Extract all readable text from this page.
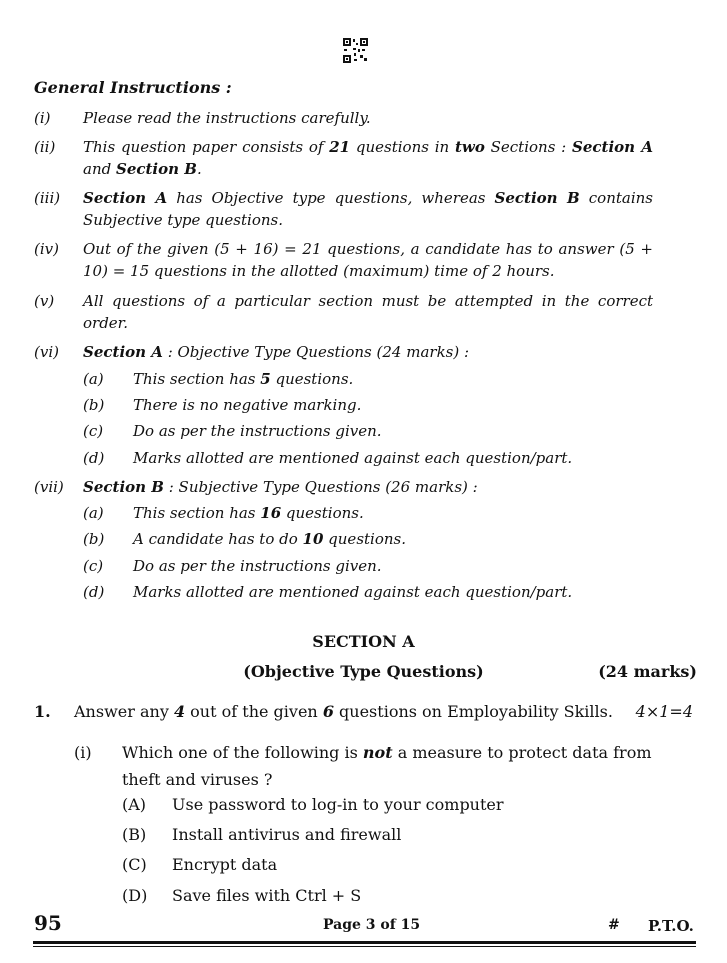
General Instructions :
(i)	Please read the instructions carefully.
(ii)	This question paper consists of 21 questions in two Sections : Section A and Section B.
(iii)	Section A has Objective type questions, whereas Section B contains Subjective type questions.
(iv)	Out of the given (5 + 16) = 21 questions, a candidate has to answer (5 + 10) = 15 questions in the allotted (maximum) time of 2 hours.
(v)	All questions of a particular section must be attempted in the correct order.
(vi)	Section A : Objective Type Questions (24 marks) :
(vii)	Section B : Subjective Type Questions (26 marks) :
(a)	This section has 5 questions.
(b)	There is no negative marking.
(c)	Do as per the instructions given.
(d)	Marks allotted are mentioned against each question/part.
(a)	This section has 16 questions.
(b)	A candidate has to do 10 questions.
(c)	Do as per the instructions given.
(d)	Marks allotted are mentioned against each question/part.
SECTION A
(Objective Type Questions)	(24 marks)
1. Answer any 4 out of the given 6 questions on Employability Skills. 4×1=4
(i) Which one of the following is not a measure to protect data from
theft and viruses ?
(A) Use password to log-in to your computer
(B) Install antivirus and firewall
(C) Encrypt data
(D) Save files with Ctrl + S
95	Page 3 of 15	# P.T.O.
